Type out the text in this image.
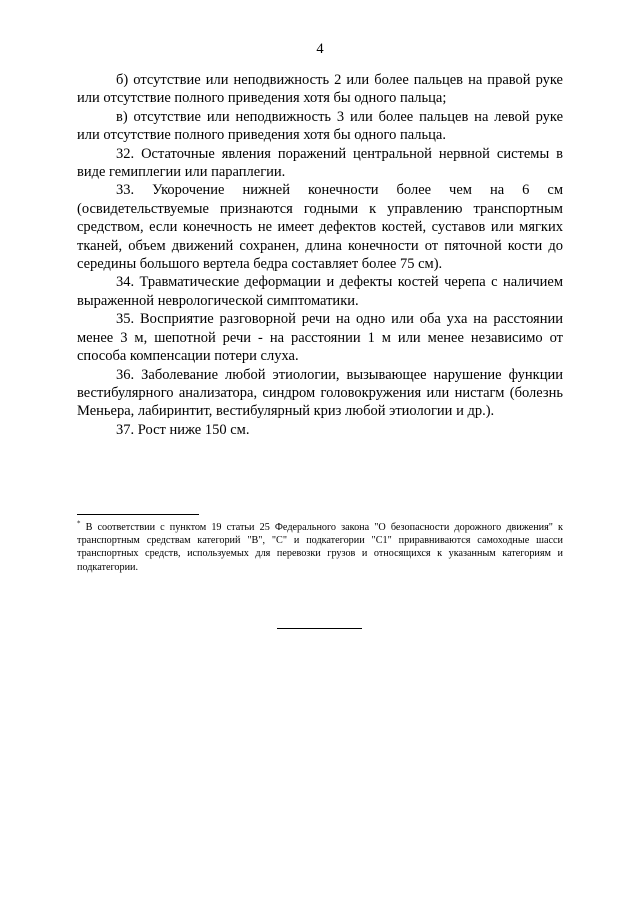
4

б) отсутствие или неподвижность 2 или более пальцев на правой руке или отсутствие полного приведения хотя бы одного пальца;

в) отсутствие или неподвижность 3 или более пальцев на левой руке или отсутствие полного приведения хотя бы одного пальца.

32. Остаточные явления поражений центральной нервной системы в виде гемиплегии или параплегии.

33. Укорочение нижней конечности более чем на 6 см (освидетельствуемые признаются годными к управлению транспортным средством, если конечность не имеет дефектов костей, суставов или мягких тканей, объем движений сохранен, длина конечности от пяточной кости до середины большого вертела бедра составляет более 75 см).

34. Травматические деформации и дефекты костей черепа с наличием выраженной неврологической симптоматики.

35. Восприятие разговорной речи на одно или оба уха на расстоянии менее 3 м, шепотной речи - на расстоянии 1 м или менее независимо от способа компенсации потери слуха.

36. Заболевание любой этиологии, вызывающее нарушение функции вестибулярного анализатора, синдром головокружения или нистагм (болезнь Меньера, лабиринтит, вестибулярный криз любой этиологии и др.).

37. Рост ниже 150 см.

* В соответствии с пунктом 19 статьи 25 Федерального закона "О безопасности дорожного движения" к транспортным средствам категорий "B", "C" и подкатегории "C1" приравниваются самоходные шасси транспортных средств, используемых для перевозки грузов и относящихся к указанным категориям и подкатегории.
